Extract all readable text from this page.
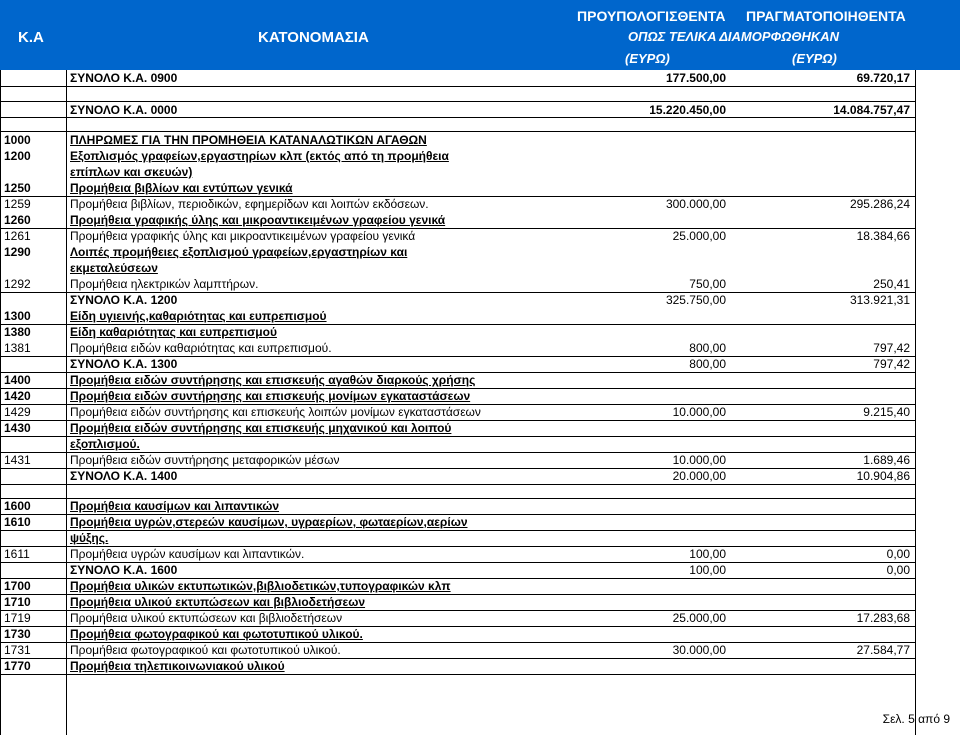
Κ.Α	ΚΑΤΟΝΟΜΑΣΙΑ
ΠΡΟΥΠΟΛΟΓΙΣΘΕΝΤΑ ΠΡΑΓΜΑΤΟΠΟΙΗΘΕΝΤΑ
ΟΠΩΣ ΤΕΛΙΚΑ ΔΙΑΜΟΡΦΩΘΗΚΑΝ
(ΕΥΡΩ)	(ΕΥΡΩ)
ΣΥΝΟΛΟ Κ.Α. 0900	177.500,00	69.720,17
ΣΥΝΟΛΟ Κ.Α. 0000	15.220.450,00	14.084.757,47
1000	ΠΛΗΡΩΜΕΣ ΓΙΑ ΤΗΝ ΠΡΟΜΗΘΕΙΑ ΚΑΤΑΝΑΛΩΤΙΚΩΝ ΑΓΑΘΩΝ
1200	Εξοπλισμός γραφείων,εργαστηρίων κλπ (εκτός από τη προμήθεια
επίπλων και σκευών)
1250	Προμήθεια βιβλίων και εντύπων γενικά
1259	Προμήθεια βιβλίων, περιοδικών, εφημερίδων και λοιπών εκδόσεων.	300.000,00	295.286,24
1260	Προμήθεια γραφικής ύλης και μικροαντικειμένων γραφείου γενικά
1261	Προμήθεια γραφικής ύλης και μικροαντικειμένων γραφείου γενικά	25.000,00	18.384,66
1290	Λοιπές προμήθειες εξοπλισμού γραφείων,εργαστηρίων και
εκμεταλεύσεων
1292	Προμήθεια ηλεκτρικών λαμπτήρων.	750,00	250,41
ΣΥΝΟΛΟ Κ.Α. 1200	325.750,00	313.921,31
1300	Είδη υγιεινής,καθαριότητας και ευπρεπισμού
1380	Είδη καθαριότητας και ευπρεπισμού
1381	Προμήθεια ειδών καθαριότητας και ευπρεπισμού.	800,00	797,42
ΣΥΝΟΛΟ Κ.Α. 1300	800,00	797,42
1400	Προμήθεια ειδών συντήρησης και επισκευής αγαθών διαρκούς χρήσης
1420	Προμήθεια ειδών συντήρησης και επισκευής μονίμων εγκαταστάσεων
1429	Προμήθεια ειδών συντήρησης και επισκευής λοιπών μονίμων εγκαταστάσεων	10.000,00	9.215,40
1430	Προμήθεια ειδών συντήρησης και επισκευής μηχανικού και λοιπού
εξοπλισμού.
1431	Προμήθεια ειδών συντήρησης μεταφορικών μέσων	10.000,00	1.689,46
ΣΥΝΟΛΟ Κ.Α. 1400	20.000,00	10.904,86
1600	Προμήθεια καυσίμων και λιπαντικών
1610	Προμήθεια υγρών,στερεών καυσίμων, υγραερίων, φωταερίων,αερίων
ψύξης.
1611	Προμήθεια υγρών καυσίμων και λιπαντικών.	100,00	0,00
ΣΥΝΟΛΟ Κ.Α. 1600	100,00	0,00
1700	Προμήθεια υλικών εκτυπωτικών,βιβλιοδετικών,τυπογραφικών κλπ
1710	Προμήθεια υλικού εκτυπώσεων και βιβλιοδετήσεων
1719	Προμήθεια υλικού εκτυπώσεων και βιβλιοδετήσεων	25.000,00	17.283,68
1730	Προμήθεια φωτογραφικού και φωτοτυπικού υλικού.
1731	Προμήθεια φωτογραφικού και φωτοτυπικού υλικού.	30.000,00	27.584,77
1770	Προμήθεια τηλεπικοινωνιακού υλικού
Σελ. 5 από 9
